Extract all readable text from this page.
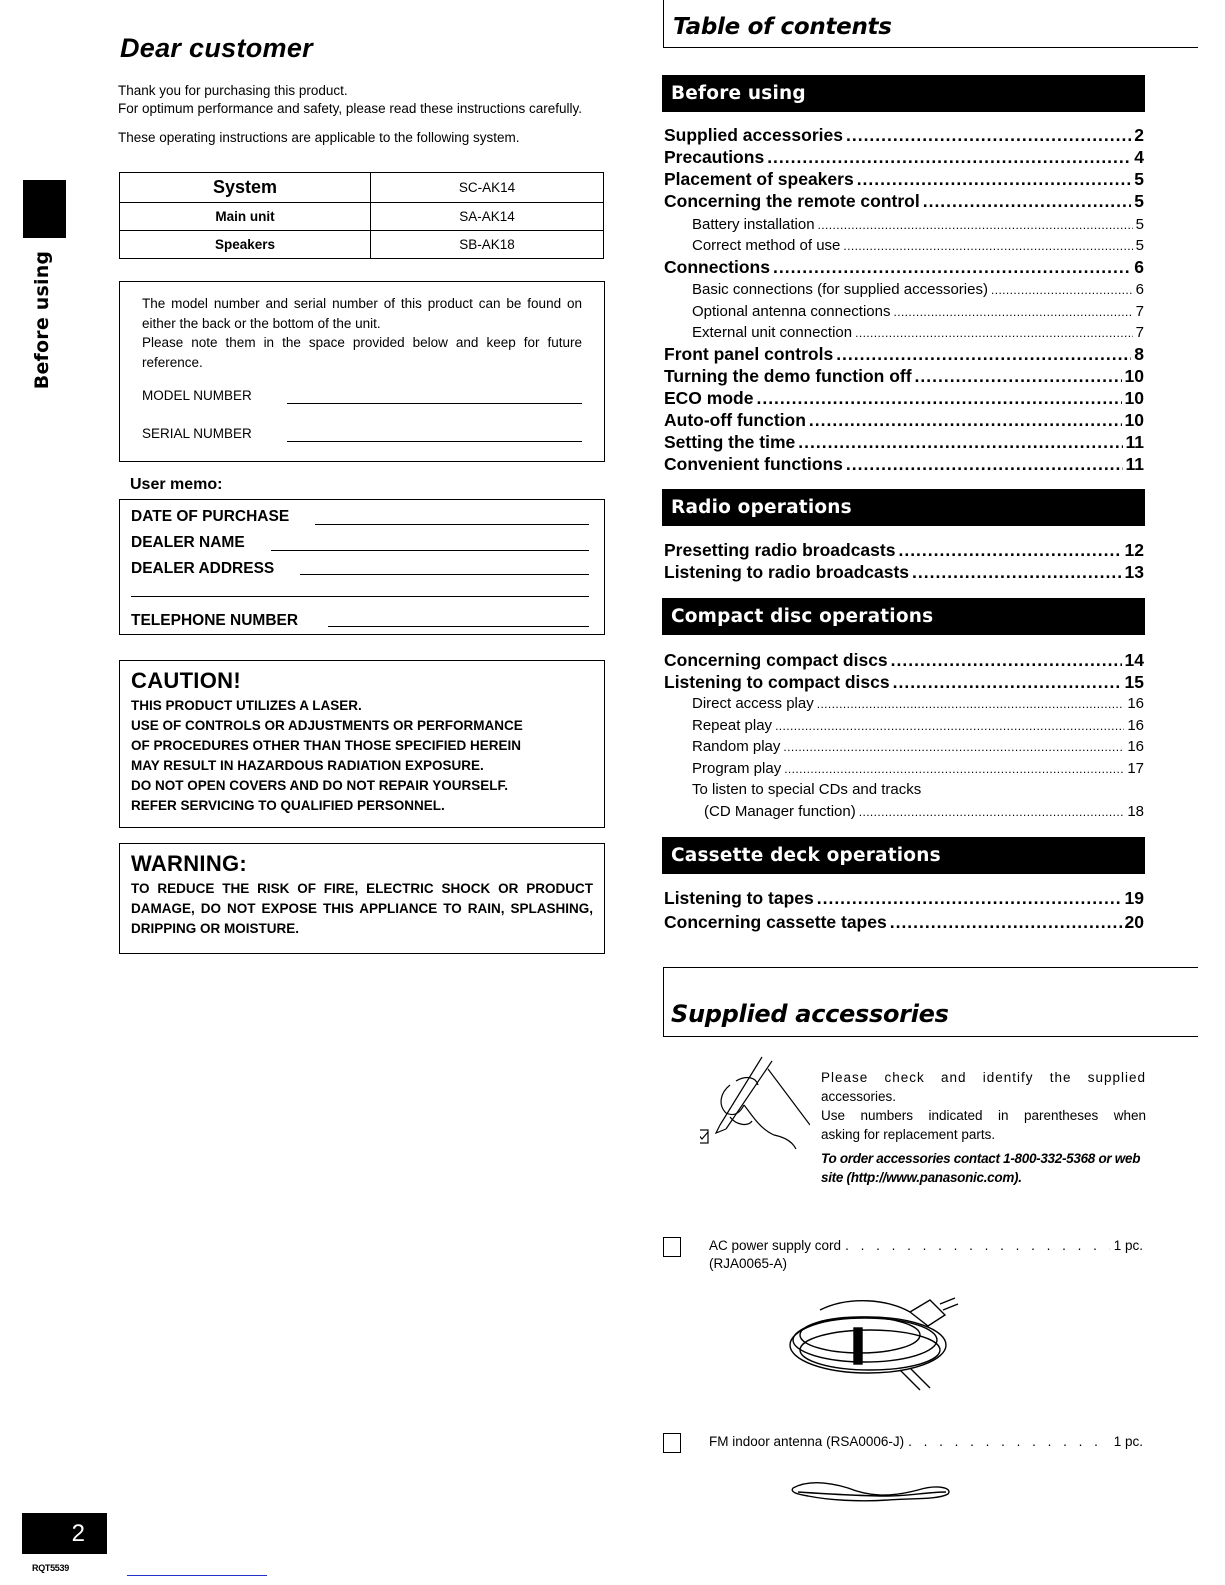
Before using
Dear customer

Thank you for purchasing this product.

For optimum performance and safety, please read these instructions carefully.

These operating instructions are applicable to the following system.

System	SC-AK14
Main unit	SA-AK14
Speakers	SB-AK18
The model number and serial number of this product can be found on either the back or the bottom of the unit.
Please note them in the space provided below and keep for future reference.
MODEL NUMBER
SERIAL NUMBER
User memo:
DATE OF PURCHASE
DEALER NAME
DEALER ADDRESS
TELEPHONE NUMBER
CAUTION!
THIS PRODUCT UTILIZES A LASER.
USE OF CONTROLS OR ADJUSTMENTS OR PERFORMANCE
OF PROCEDURES OTHER THAN THOSE SPECIFIED HEREIN
MAY RESULT IN HAZARDOUS RADIATION EXPOSURE.
DO NOT OPEN COVERS AND DO NOT REPAIR YOURSELF.
REFER SERVICING TO QUALIFIED PERSONNEL.
WARNING:
TO REDUCE THE RISK OF FIRE, ELECTRIC SHOCK OR PRODUCT DAMAGE, DO NOT EXPOSE THIS APPLIANCE TO RAIN, SPLASHING, DRIPPING OR MOISTURE.
2
RQT5539
Table of contents
Before using
Supplied accessories .....	2
Precautions .....	4
Placement of speakers .....	5
Concerning the remote control .....	5
Battery installation .....	5
Correct method of use .....	5
Connections .....	6
Basic connections (for supplied accessories) .....	6
Optional antenna connections .....	7
External unit connection .....	7
Front panel controls .....	8
Turning the demo function off .....	10
ECO mode .....	10
Auto-off function .....	10
Setting the time .....	11
Convenient functions .....	11
Radio operations
Presetting radio broadcasts .....	12
Listening to radio broadcasts .....	13
Compact disc operations
Concerning compact discs .....	14
Listening to compact discs .....	15
Direct access play .....	16
Repeat play .....	16
Random play .....	16
Program play .....	17
To listen to special CDs and tracks
(CD Manager function) .....	18
Cassette deck operations
Listening to tapes .....	19
Concerning cassette tapes .....	20
Supplied accessories
Please check and identify the supplied
accessories.
Use numbers indicated in parentheses when
asking for replacement parts.
To order accessories contact 1-800-332-5368 or web site (http://www.panasonic.com).
AC power supply cord . . .	1 pc.
(RJA0065-A)
FM indoor antenna (RSA0006-J) . . .	1 pc.
